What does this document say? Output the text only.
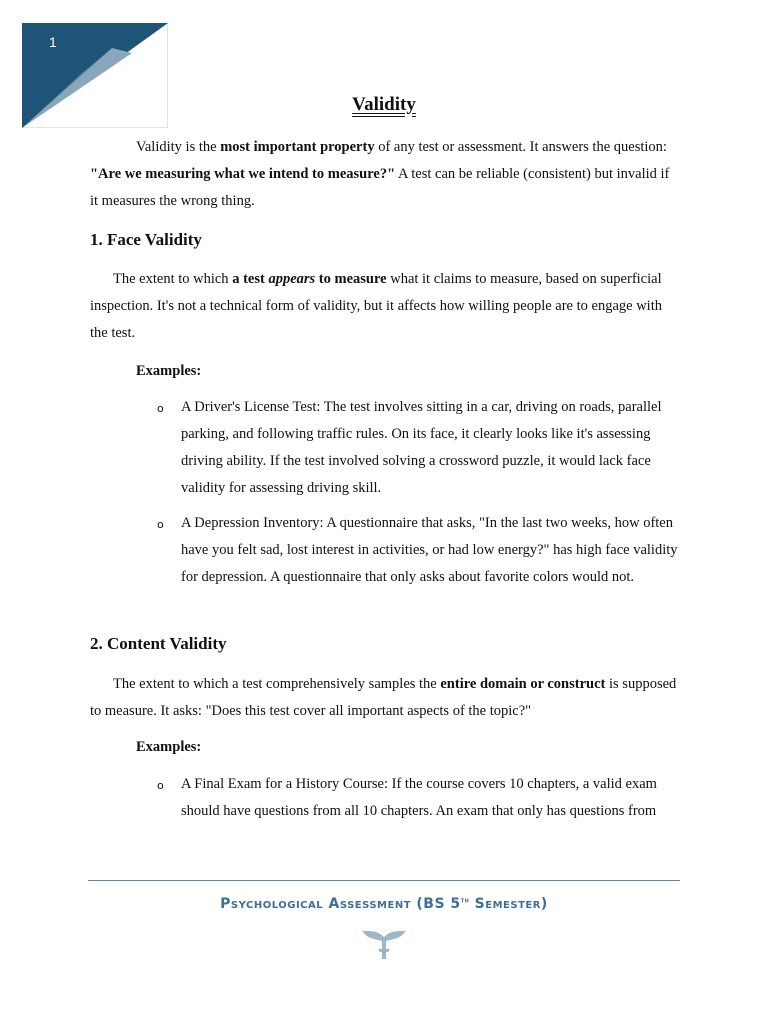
1
Validity

Validity is the most important property of any test or assessment. It answers the question: "Are we measuring what we intend to measure?" A test can be reliable (consistent) but invalid if it measures the wrong thing.

1. Face Validity

The extent to which a test appears to measure what it claims to measure, based on superficial inspection. It's not a technical form of validity, but it affects how willing people are to engage with the test.

Examples:

o A Driver's License Test: The test involves sitting in a car, driving on roads, parallel parking, and following traffic rules. On its face, it clearly looks like it's assessing driving ability. If the test involved solving a crossword puzzle, it would lack face validity for assessing driving skill.

o A Depression Inventory: A questionnaire that asks, "In the last two weeks, how often have you felt sad, lost interest in activities, or had low energy?" has high face validity for depression. A questionnaire that only asks about favorite colors would not.

2. Content Validity

The extent to which a test comprehensively samples the entire domain or construct is supposed to measure. It asks: "Does this test cover all important aspects of the topic?"

Examples:

o A Final Exam for a History Course: If the course covers 10 chapters, a valid exam should have questions from all 10 chapters. An exam that only has questions from

Psychological Assessment (BS 5th Semester)
